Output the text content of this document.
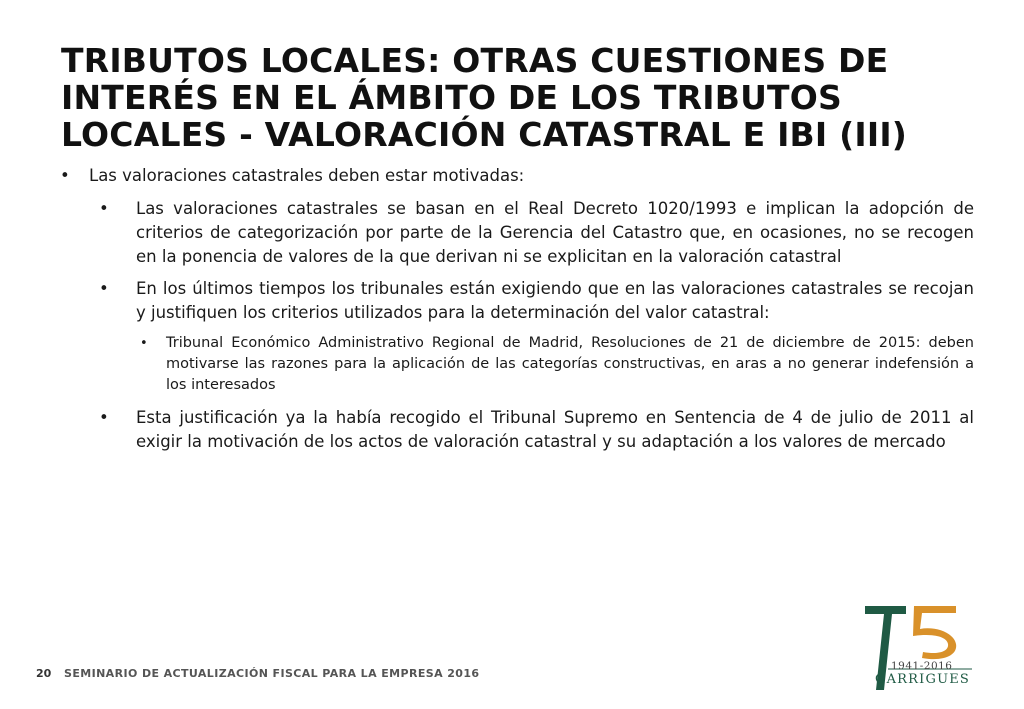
TRIBUTOS LOCALES: OTRAS CUESTIONES DE
INTERÉS EN EL ÁMBITO DE LOS TRIBUTOS
LOCALES - VALORACIÓN CATASTRAL E IBI (III)
• Las valoraciones catastrales deben estar motivadas:
• Las valoraciones catastrales se basan en el Real Decreto 1020/1993 e implican la adopción de criterios de categorización por parte de la Gerencia del Catastro que, en ocasiones, no se recogen en la ponencia de valores de la que derivan ni se explicitan en la valoración catastral
• En los últimos tiempos los tribunales están exigiendo que en las valoraciones catastrales se recojan y justifiquen los criterios utilizados para la determinación del valor catastral:
• Tribunal Económico Administrativo Regional de Madrid, Resoluciones de 21 de diciembre de 2015: deben motivarse las razones para la aplicación de las categorías constructivas, en aras a no generar indefensión a los interesados
• Esta justificación ya la había recogido el Tribunal Supremo en Sentencia de 4 de julio de 2011 al exigir la motivación de los actos de valoración catastral y su adaptación a los valores de mercado
20 SEMINARIO DE ACTUALIZACIÓN FISCAL PARA LA EMPRESA 2016
1941-2016
GARRIGUES
